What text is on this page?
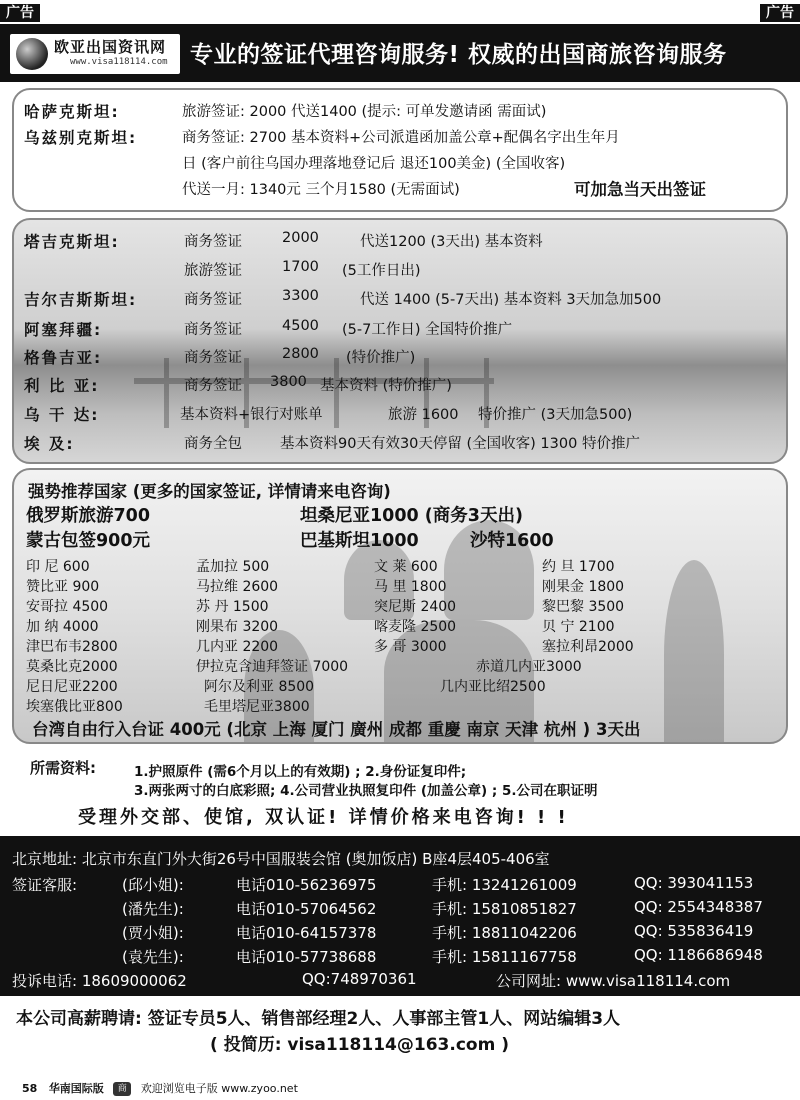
广告	广告
欧亚出国资讯网
www.visa118114.com 专业的签证代理咨询服务! 权威的出国商旅咨询服务
哈萨克斯坦:	旅游签证: 2000 代送1400 (提示: 可单发邀请函 需面试)
乌兹别克斯坦:	商务签证: 2700 基本资料+公司派遣函加盖公章+配偶名字出生年月
日 (客户前往乌国办理落地登记后 退还100美金) (全国收客)
代送一月: 1340元 三个月1580 (无需面试)	可加急当天出签证
塔吉克斯坦:	商务签证	2000	代送1200 (3天出) 基本资料
旅游签证	1700 (5工作日出)
吉尔吉斯斯坦:	商务签证	3300	代送 1400 (5-7天出) 基本资料 3天加急加500
阿塞拜疆:	商务签证	4500 (5-7工作日) 全国特价推广
格鲁吉亚:	商务签证	2800 (特价推广)
利 比 亚:	商务签证 3800 基本资料 (特价推广)
乌 干 达:	基本资料+银行对账单	旅游 1600 特价推广 (3天加急500)
埃 及:	商务全包	基本资料90天有效30天停留 (全国收客) 1300 特价推广
强势推荐国家 (更多的国家签证, 详情请来电咨询)
俄罗斯旅游700	坦桑尼亚1000 (商务3天出)
蒙古包签900元	巴基斯坦1000	沙特1600
印 尼 600	孟加拉 500	文 莱 600	约 旦 1700
赞比亚 900	马拉维 2600	马 里 1800	刚果金 1800
安哥拉 4500	苏 丹 1500	突尼斯 2400	黎巴黎 3500
加 纳 4000	刚果布 3200	喀麦隆 2500	贝 宁 2100
津巴布韦2800	几内亚 2200	多 哥 3000	塞拉利昂2000
莫桑比克2000	伊拉克含迪拜签证 7000	赤道几内亚3000
尼日尼亚2200	阿尔及利亚 8500	几内亚比绍2500
埃塞俄比亚800	毛里塔尼亚3800
台湾自由行入台证 400元 (北京 上海 厦门 廣州 成都 重慶 南京 天津 杭州 ) 3天出
所需资料:	1.护照原件 (需6个月以上的有效期) ; 2.身份证复印件;
3.两张两寸的白底彩照; 4.公司营业执照复印件 (加盖公章) ; 5.公司在职证明
受理外交部、使馆, 双认证! 详情价格来电咨询! ! !
北京地址: 北京市东直门外大街26号中国服装会馆 (奥加饭店) B座4层405-406室
签证客服:	(邱小姐):	电话010-56236975	手机: 13241261009	QQ: 393041153
(潘先生):	电话010-57064562	手机: 15810851827	QQ: 2554348387
(贾小姐):	电话010-64157378	手机: 18811042206	QQ: 535836419
(袁先生):	电话010-57738688	手机: 15811167758	QQ: 1186686948
投诉电话: 18609000062	QQ:748970361	公司网址: www.visa118114.com
本公司高薪聘请: 签证专员5人、销售部经理2人、人事部主管1人、网站编辑3人
( 投简历: visa118114@163.com )
58 华南国际版 商 欢迎浏览电子版 www.zyoo.net
